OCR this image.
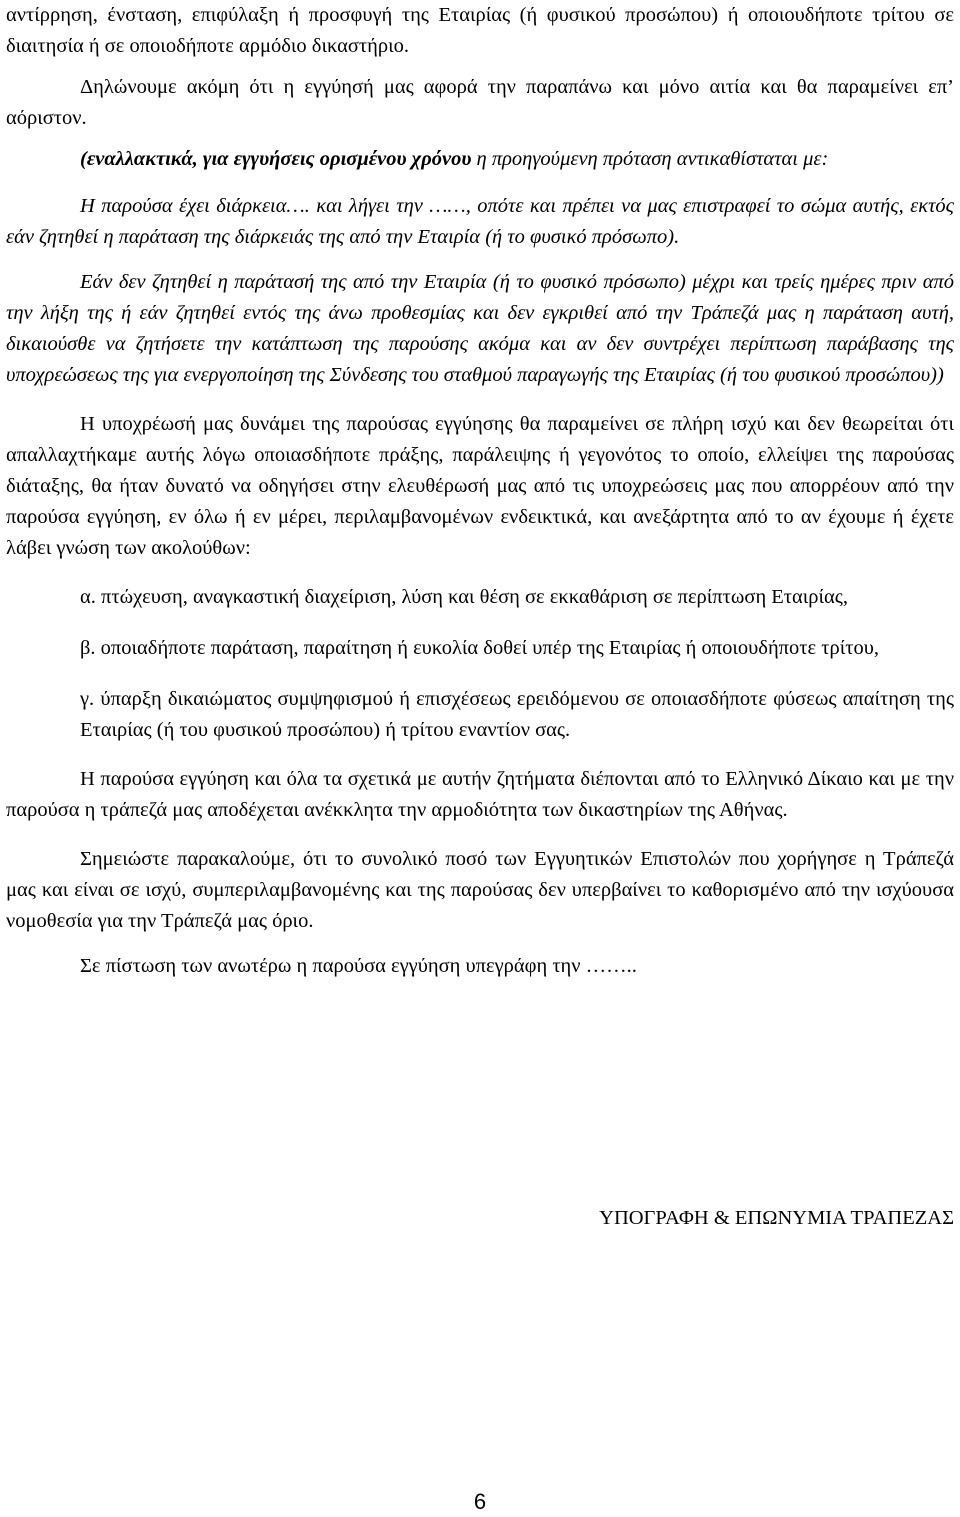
αντίρρηση, ένσταση, επιφύλαξη ή προσφυγή της Εταιρίας (ή φυσικού προσώπου) ή οποιουδήποτε τρίτου σε διαιτησία ή σε οποιοδήποτε αρμόδιο δικαστήριο.

Δηλώνουμε ακόμη ότι η εγγύησή μας αφορά την παραπάνω και μόνο αιτία και θα παραμείνει επ’ αόριστον.

(εναλλακτικά, για εγγυήσεις ορισμένου χρόνου η προηγούμενη πρόταση αντικαθίσταται με:

Η παρούσα έχει διάρκεια…. και λήγει την ……, οπότε και πρέπει να μας επιστραφεί το σώμα αυτής, εκτός εάν ζητηθεί η παράταση της διάρκειάς της από την Εταιρία (ή το φυσικό πρόσωπο).

Εάν δεν ζητηθεί η παράτασή της από την Εταιρία (ή το φυσικό πρόσωπο) μέχρι και τρείς ημέρες πριν από την λήξη της ή εάν ζητηθεί εντός της άνω προθεσμίας και δεν εγκριθεί από την Τράπεζά μας η παράταση αυτή, δικαιούσθε να ζητήσετε την κατάπτωση της παρούσης ακόμα και αν δεν συντρέχει περίπτωση παράβασης της υποχρεώσεως της για ενεργοποίηση της Σύνδεσης του σταθμού παραγωγής της Εταιρίας (ή του φυσικού προσώπου))

Η υποχρέωσή μας δυνάμει της παρούσας εγγύησης θα παραμείνει σε πλήρη ισχύ και δεν θεωρείται ότι απαλλαχτήκαμε αυτής λόγω οποιασδήποτε πράξης, παράλειψης ή γεγονότος το οποίο, ελλείψει της παρούσας διάταξης, θα ήταν δυνατό να οδηγήσει στην ελευθέρωσή μας από τις υποχρεώσεις μας που απορρέουν από την παρούσα εγγύηση, εν όλω ή εν μέρει, περιλαμβανομένων ενδεικτικά, και ανεξάρτητα από το αν έχουμε ή έχετε λάβει γνώση των ακολούθων:

α. πτώχευση, αναγκαστική διαχείριση, λύση και θέση σε εκκαθάριση σε περίπτωση Εταιρίας,

β. οποιαδήποτε παράταση, παραίτηση ή ευκολία δοθεί υπέρ της Εταιρίας ή οποιουδήποτε τρίτου,

γ. ύπαρξη δικαιώματος συμψηφισμού ή επισχέσεως ερειδόμενου σε οποιασδήποτε φύσεως απαίτηση της Εταιρίας (ή του φυσικού προσώπου) ή τρίτου εναντίον σας.

Η παρούσα εγγύηση και όλα τα σχετικά με αυτήν ζητήματα διέπονται από το Ελληνικό Δίκαιο και με την παρούσα η τράπεζά μας αποδέχεται ανέκκλητα την αρμοδιότητα των δικαστηρίων της Αθήνας.

Σημειώστε παρακαλούμε, ότι το συνολικό ποσό των Εγγυητικών Επιστολών που χορήγησε η Τράπεζά μας και είναι σε ισχύ, συμπεριλαμβανομένης και της παρούσας δεν υπερβαίνει το καθορισμένο από την ισχύουσα νομοθεσία για την Τράπεζά μας όριο.

Σε πίστωση των ανωτέρω η παρούσα εγγύηση υπεγράφη την ……..

ΥΠΟΓΡΑΦΗ & ΕΠΩΝΥΜΙΑ ΤΡΑΠΕΖΑΣ
6
